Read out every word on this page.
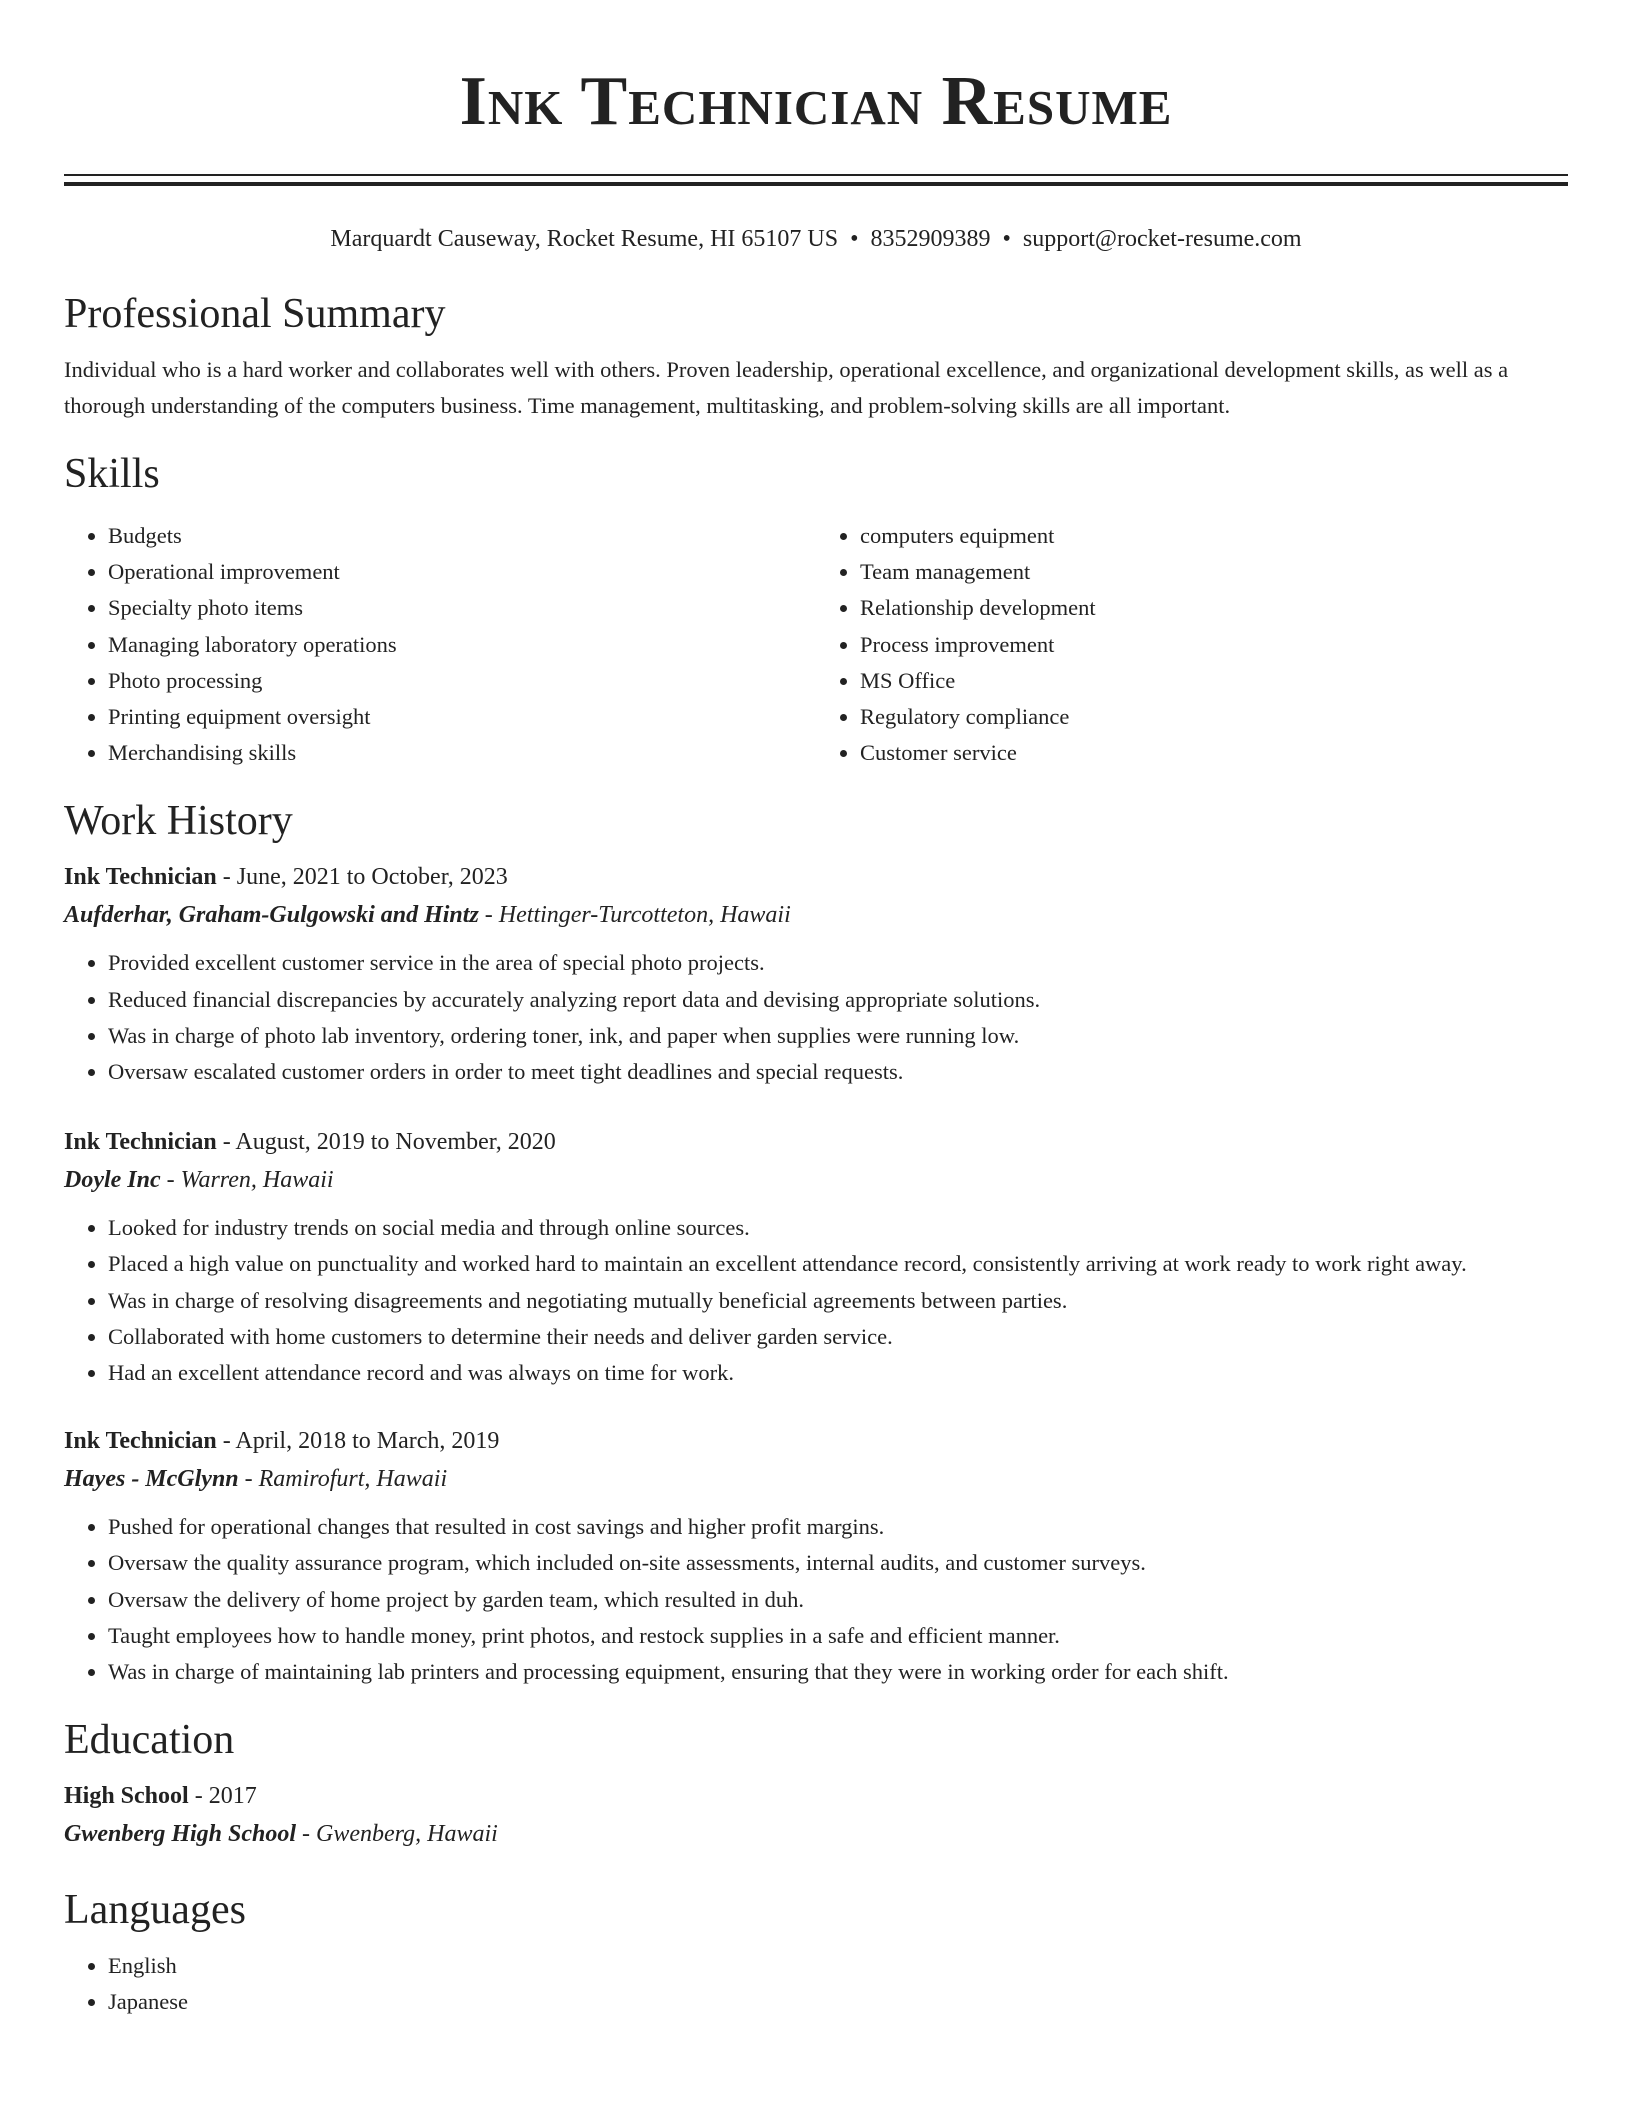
Ink Technician Resume
Marquardt Causeway, Rocket Resume, HI 65107 US • 8352909389 • support@rocket-resume.com
Professional Summary

Individual who is a hard worker and collaborates well with others. Proven leadership, operational excellence, and organizational development skills, as well as a thorough understanding of the computers business. Time management, multitasking, and problem-solving skills are all important.

Skills
• Budgets
• Operational improvement
• Specialty photo items
• Managing laboratory operations
• Photo processing
• Printing equipment oversight
• Merchandising skills
• computers equipment
• Team management
• Relationship development
• Process improvement
• MS Office
• Regulatory compliance
• Customer service
Work History
Ink Technician - June, 2021 to October, 2023
Aufderhar, Graham-Gulgowski and Hintz - Hettinger-Turcotteton, Hawaii
• Provided excellent customer service in the area of special photo projects.
• Reduced financial discrepancies by accurately analyzing report data and devising appropriate solutions.
• Was in charge of photo lab inventory, ordering toner, ink, and paper when supplies were running low.
• Oversaw escalated customer orders in order to meet tight deadlines and special requests.
Ink Technician - August, 2019 to November, 2020
Doyle Inc - Warren, Hawaii
• Looked for industry trends on social media and through online sources.
• Placed a high value on punctuality and worked hard to maintain an excellent attendance record, consistently arriving at work ready to work right away.
• Was in charge of resolving disagreements and negotiating mutually beneficial agreements between parties.
• Collaborated with home customers to determine their needs and deliver garden service.
• Had an excellent attendance record and was always on time for work.
Ink Technician - April, 2018 to March, 2019
Hayes - McGlynn - Ramirofurt, Hawaii
• Pushed for operational changes that resulted in cost savings and higher profit margins.
• Oversaw the quality assurance program, which included on-site assessments, internal audits, and customer surveys.
• Oversaw the delivery of home project by garden team, which resulted in duh.
• Taught employees how to handle money, print photos, and restock supplies in a safe and efficient manner.
• Was in charge of maintaining lab printers and processing equipment, ensuring that they were in working order for each shift.
Education
High School - 2017
Gwenberg High School - Gwenberg, Hawaii
Languages
• English
• Japanese
